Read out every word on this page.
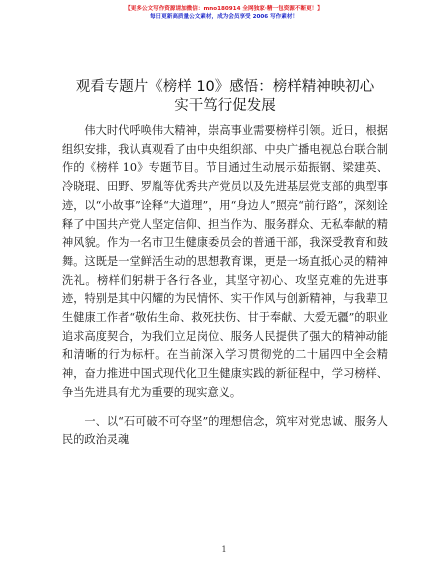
【更多公文写作资源请加微信：mno180914 全网独家·精一包资源不断更！】
每日更新高质量公文素材，成为会员享受 2006 写作素材！
观看专题片《榜样 10》感悟：榜样精神映初心
实干笃行促发展

伟大时代呼唤伟大精神，崇高事业需要榜样引领。近日，根据组织安排，我认真观看了由中央组织部、中央广播电视总台联合制作的《榜样 10》专题节目。节目通过生动展示茹振钢、梁建英、冷晓琨、田野、罗胤等优秀共产党员以及先进基层党支部的典型事迹，以“小故事”诠释“大道理”，用“身边人”照亮“前行路”，深刻诠释了中国共产党人坚定信仰、担当作为、服务群众、无私奉献的精神风貌。作为一名市卫生健康委员会的普通干部，我深受教育和鼓舞。这既是一堂鲜活生动的思想教育课，更是一场直抵心灵的精神洗礼。榜样们躬耕于各行各业，其坚守初心、攻坚克难的先进事迹，特别是其中闪耀的为民情怀、实干作风与创新精神，与我辈卫生健康工作者“敬佑生命、救死扶伤、甘于奉献、大爱无疆”的职业追求高度契合，为我们立足岗位、服务人民提供了强大的精神动能和清晰的行为标杆。在当前深入学习贯彻党的二十届四中全会精神，奋力推进中国式现代化卫生健康实践的新征程中，学习榜样、争当先进具有尤为重要的现实意义。

一、以“石可破不可夺坚”的理想信念，筑牢对党忠诚、服务人民的政治灵魂

1
